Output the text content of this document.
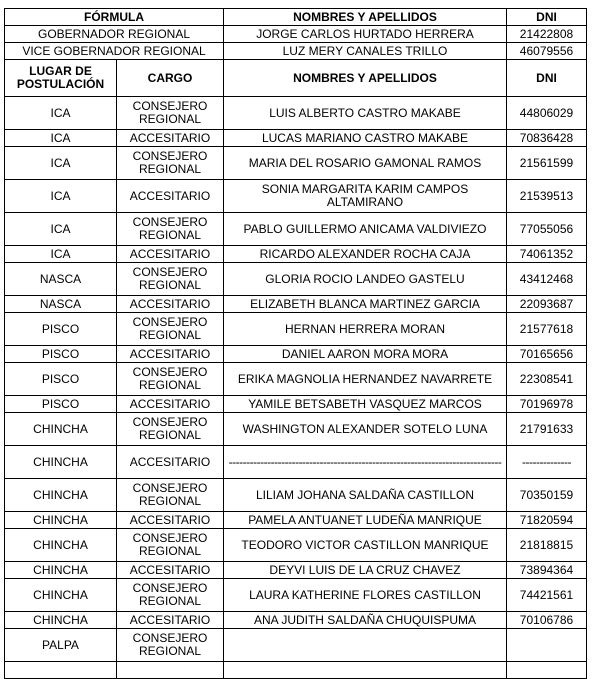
FÓRMULA		NOMBRES Y APELLIDOS	DNI
GOBERNADOR REGIONAL		JORGE CARLOS HURTADO HERRERA	21422808
VICE GOBERNADOR REGIONAL		LUZ MERY CANALES TRILLO	46079556
LUGAR DE POSTULACIÓN	CARGO	NOMBRES Y APELLIDOS	DNI
ICA	CONSEJERO REGIONAL	LUIS ALBERTO CASTRO MAKABE	44806029
ICA	ACCESITARIO	LUCAS MARIANO CASTRO MAKABE	70836428
ICA	CONSEJERO REGIONAL	MARIA DEL ROSARIO GAMONAL RAMOS	21561599
ICA	ACCESITARIO	SONIA MARGARITA KARIM CAMPOS ALTAMIRANO	21539513
ICA	CONSEJERO REGIONAL	PABLO GUILLERMO ANICAMA VALDIVIEZO	77055056
ICA	ACCESITARIO	RICARDO ALEXANDER ROCHA CAJA	74061352
NASCA	CONSEJERO REGIONAL	GLORIA ROCIO LANDEO GASTELU	43412468
NASCA	ACCESITARIO	ELIZABETH BLANCA MARTINEZ GARCIA	22093687
PISCO	CONSEJERO REGIONAL	HERNAN HERRERA MORAN	21577618
PISCO	ACCESITARIO	DANIEL AARON MORA MORA	70165656
PISCO	CONSEJERO REGIONAL	ERIKA MAGNOLIA HERNANDEZ NAVARRETE	22308541
PISCO	ACCESITARIO	YAMILE BETSABETH VASQUEZ MARCOS	70196978
CHINCHA	CONSEJERO REGIONAL	WASHINGTON ALEXANDER SOTELO LUNA	21791633
CHINCHA	ACCESITARIO	------------------------------------------------------------------------------	--------------
CHINCHA	CONSEJERO REGIONAL	LILIAM JOHANA SALDAÑA CASTILLON	70350159
CHINCHA	ACCESITARIO	PAMELA ANTUANET LUDEÑA MANRIQUE	71820594
CHINCHA	CONSEJERO REGIONAL	TEODORO VICTOR CASTILLON MANRIQUE	21818815
CHINCHA	ACCESITARIO	DEYVI LUIS DE LA CRUZ CHAVEZ	73894364
CHINCHA	CONSEJERO REGIONAL	LAURA KATHERINE FLORES CASTILLON	74421561
CHINCHA	ACCESITARIO	ANA JUDITH SALDAÑA CHUQUISPUMA	70106786
PALPA	CONSEJERO REGIONAL		
